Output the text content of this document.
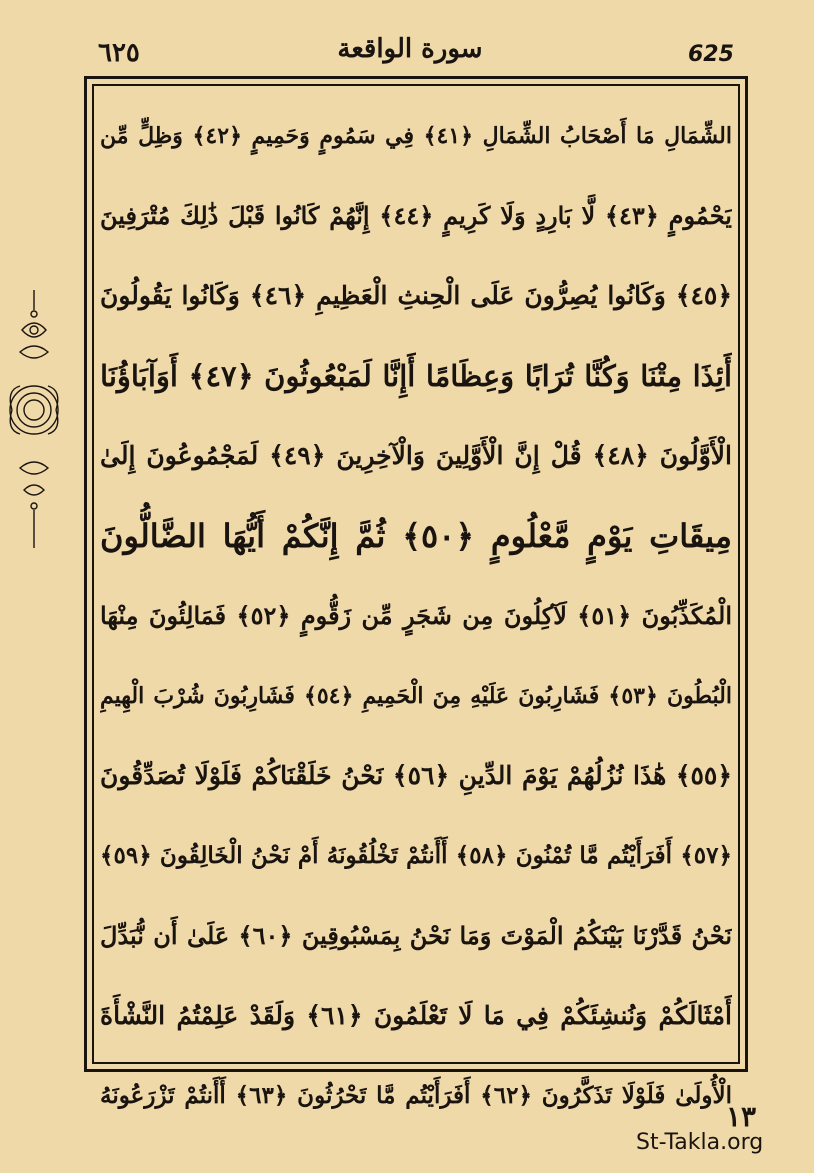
٦٢٥	سورة الواقعة	625
الشِّمَالِ مَا أَصْحَابُ الشِّمَالِ ﴿٤١﴾ فِي سَمُومٍ وَحَمِيمٍ ﴿٤٢﴾ وَظِلٍّ مِّن
يَحْمُومٍ ﴿٤٣﴾ لَّا بَارِدٍ وَلَا كَرِيمٍ ﴿٤٤﴾ إِنَّهُمْ كَانُوا قَبْلَ ذَٰلِكَ مُتْرَفِينَ
﴿٤٥﴾ وَكَانُوا يُصِرُّونَ عَلَى الْحِنثِ الْعَظِيمِ ﴿٤٦﴾ وَكَانُوا يَقُولُونَ
أَئِذَا مِتْنَا وَكُنَّا تُرَابًا وَعِظَامًا أَإِنَّا لَمَبْعُوثُونَ ﴿٤٧﴾ أَوَآبَاؤُنَا
الْأَوَّلُونَ ﴿٤٨﴾ قُلْ إِنَّ الْأَوَّلِينَ وَالْآخِرِينَ ﴿٤٩﴾ لَمَجْمُوعُونَ إِلَىٰ
مِيقَاتِ يَوْمٍ مَّعْلُومٍ ﴿٥٠﴾ ثُمَّ إِنَّكُمْ أَيُّهَا الضَّالُّونَ
الْمُكَذِّبُونَ ﴿٥١﴾ لَآكِلُونَ مِن شَجَرٍ مِّن زَقُّومٍ ﴿٥٢﴾ فَمَالِئُونَ مِنْهَا
الْبُطُونَ ﴿٥٣﴾ فَشَارِبُونَ عَلَيْهِ مِنَ الْحَمِيمِ ﴿٥٤﴾ فَشَارِبُونَ شُرْبَ الْهِيمِ
﴿٥٥﴾ هَٰذَا نُزُلُهُمْ يَوْمَ الدِّينِ ﴿٥٦﴾ نَحْنُ خَلَقْنَاكُمْ فَلَوْلَا تُصَدِّقُونَ
﴿٥٧﴾ أَفَرَأَيْتُم مَّا تُمْنُونَ ﴿٥٨﴾ أَأَنتُمْ تَخْلُقُونَهُ أَمْ نَحْنُ الْخَالِقُونَ ﴿٥٩﴾
نَحْنُ قَدَّرْنَا بَيْنَكُمُ الْمَوْتَ وَمَا نَحْنُ بِمَسْبُوقِينَ ﴿٦٠﴾ عَلَىٰ أَن نُّبَدِّلَ
أَمْثَالَكُمْ وَنُنشِئَكُمْ فِي مَا لَا تَعْلَمُونَ ﴿٦١﴾ وَلَقَدْ عَلِمْتُمُ النَّشْأَةَ
الْأُولَىٰ فَلَوْلَا تَذَكَّرُونَ ﴿٦٢﴾ أَفَرَأَيْتُم مَّا تَحْرُثُونَ ﴿٦٣﴾ أَأَنتُمْ تَزْرَعُونَهُ
١٣
St-Takla.org
